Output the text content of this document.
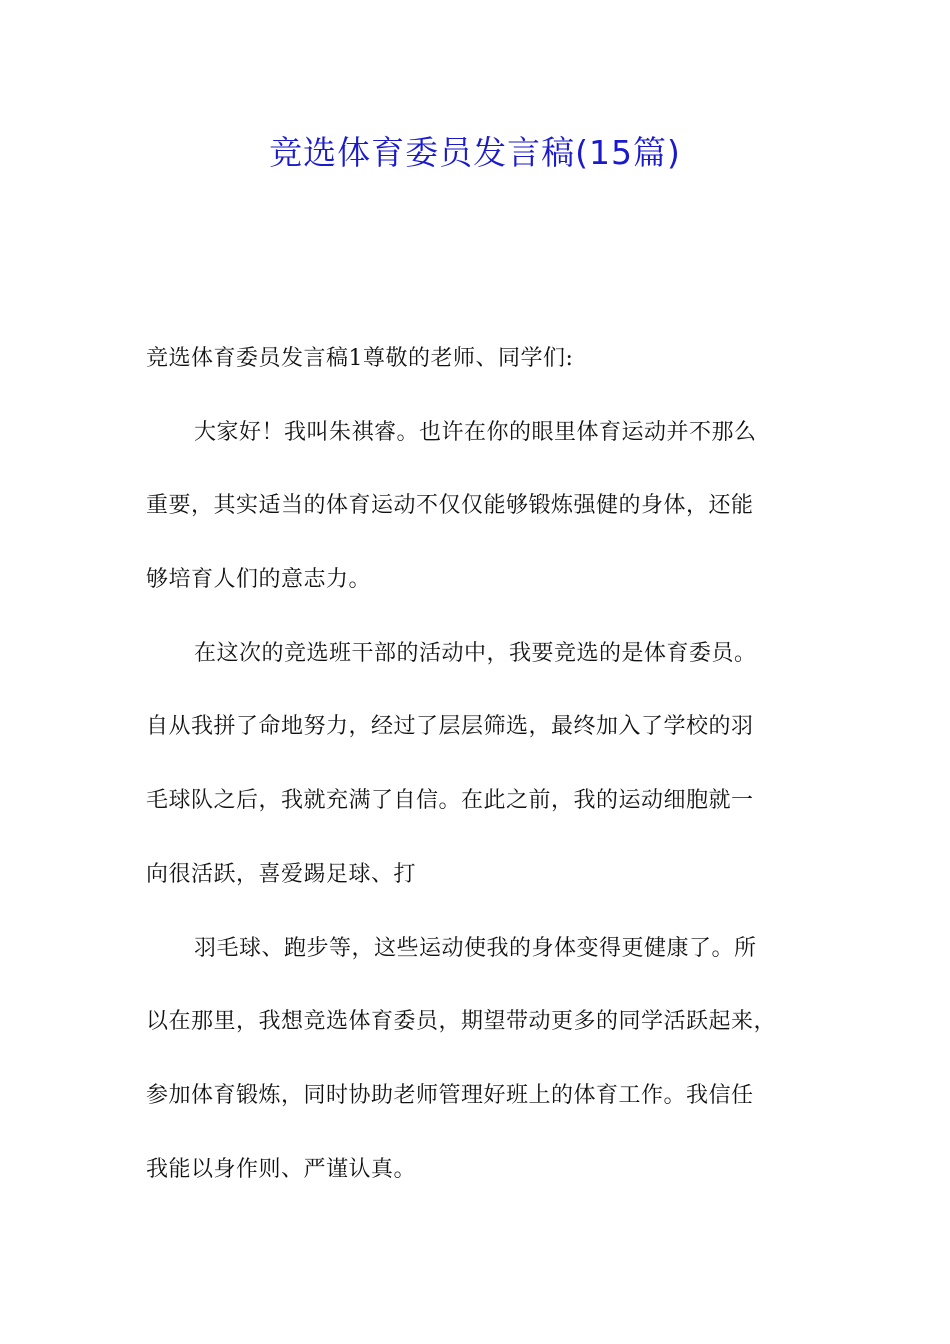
竞选体育委员发言稿(15篇)
竞选体育委员发言稿1尊敬的老师、同学们:
大家好！我叫朱祺睿。也许在你的眼里体育运动并不那么
重要，其实适当的体育运动不仅仅能够锻炼强健的身体，还能
够培育人们的意志力。
在这次的竞选班干部的活动中，我要竞选的是体育委员。
自从我拼了命地努力，经过了层层筛选，最终加入了学校的羽
毛球队之后，我就充满了自信。在此之前，我的运动细胞就一
向很活跃，喜爱踢足球、打
羽毛球、跑步等，这些运动使我的身体变得更健康了。所
以在那里，我想竞选体育委员，期望带动更多的同学活跃起来，
参加体育锻炼，同时协助老师管理好班上的体育工作。我信任
我能以身作则、严谨认真。
